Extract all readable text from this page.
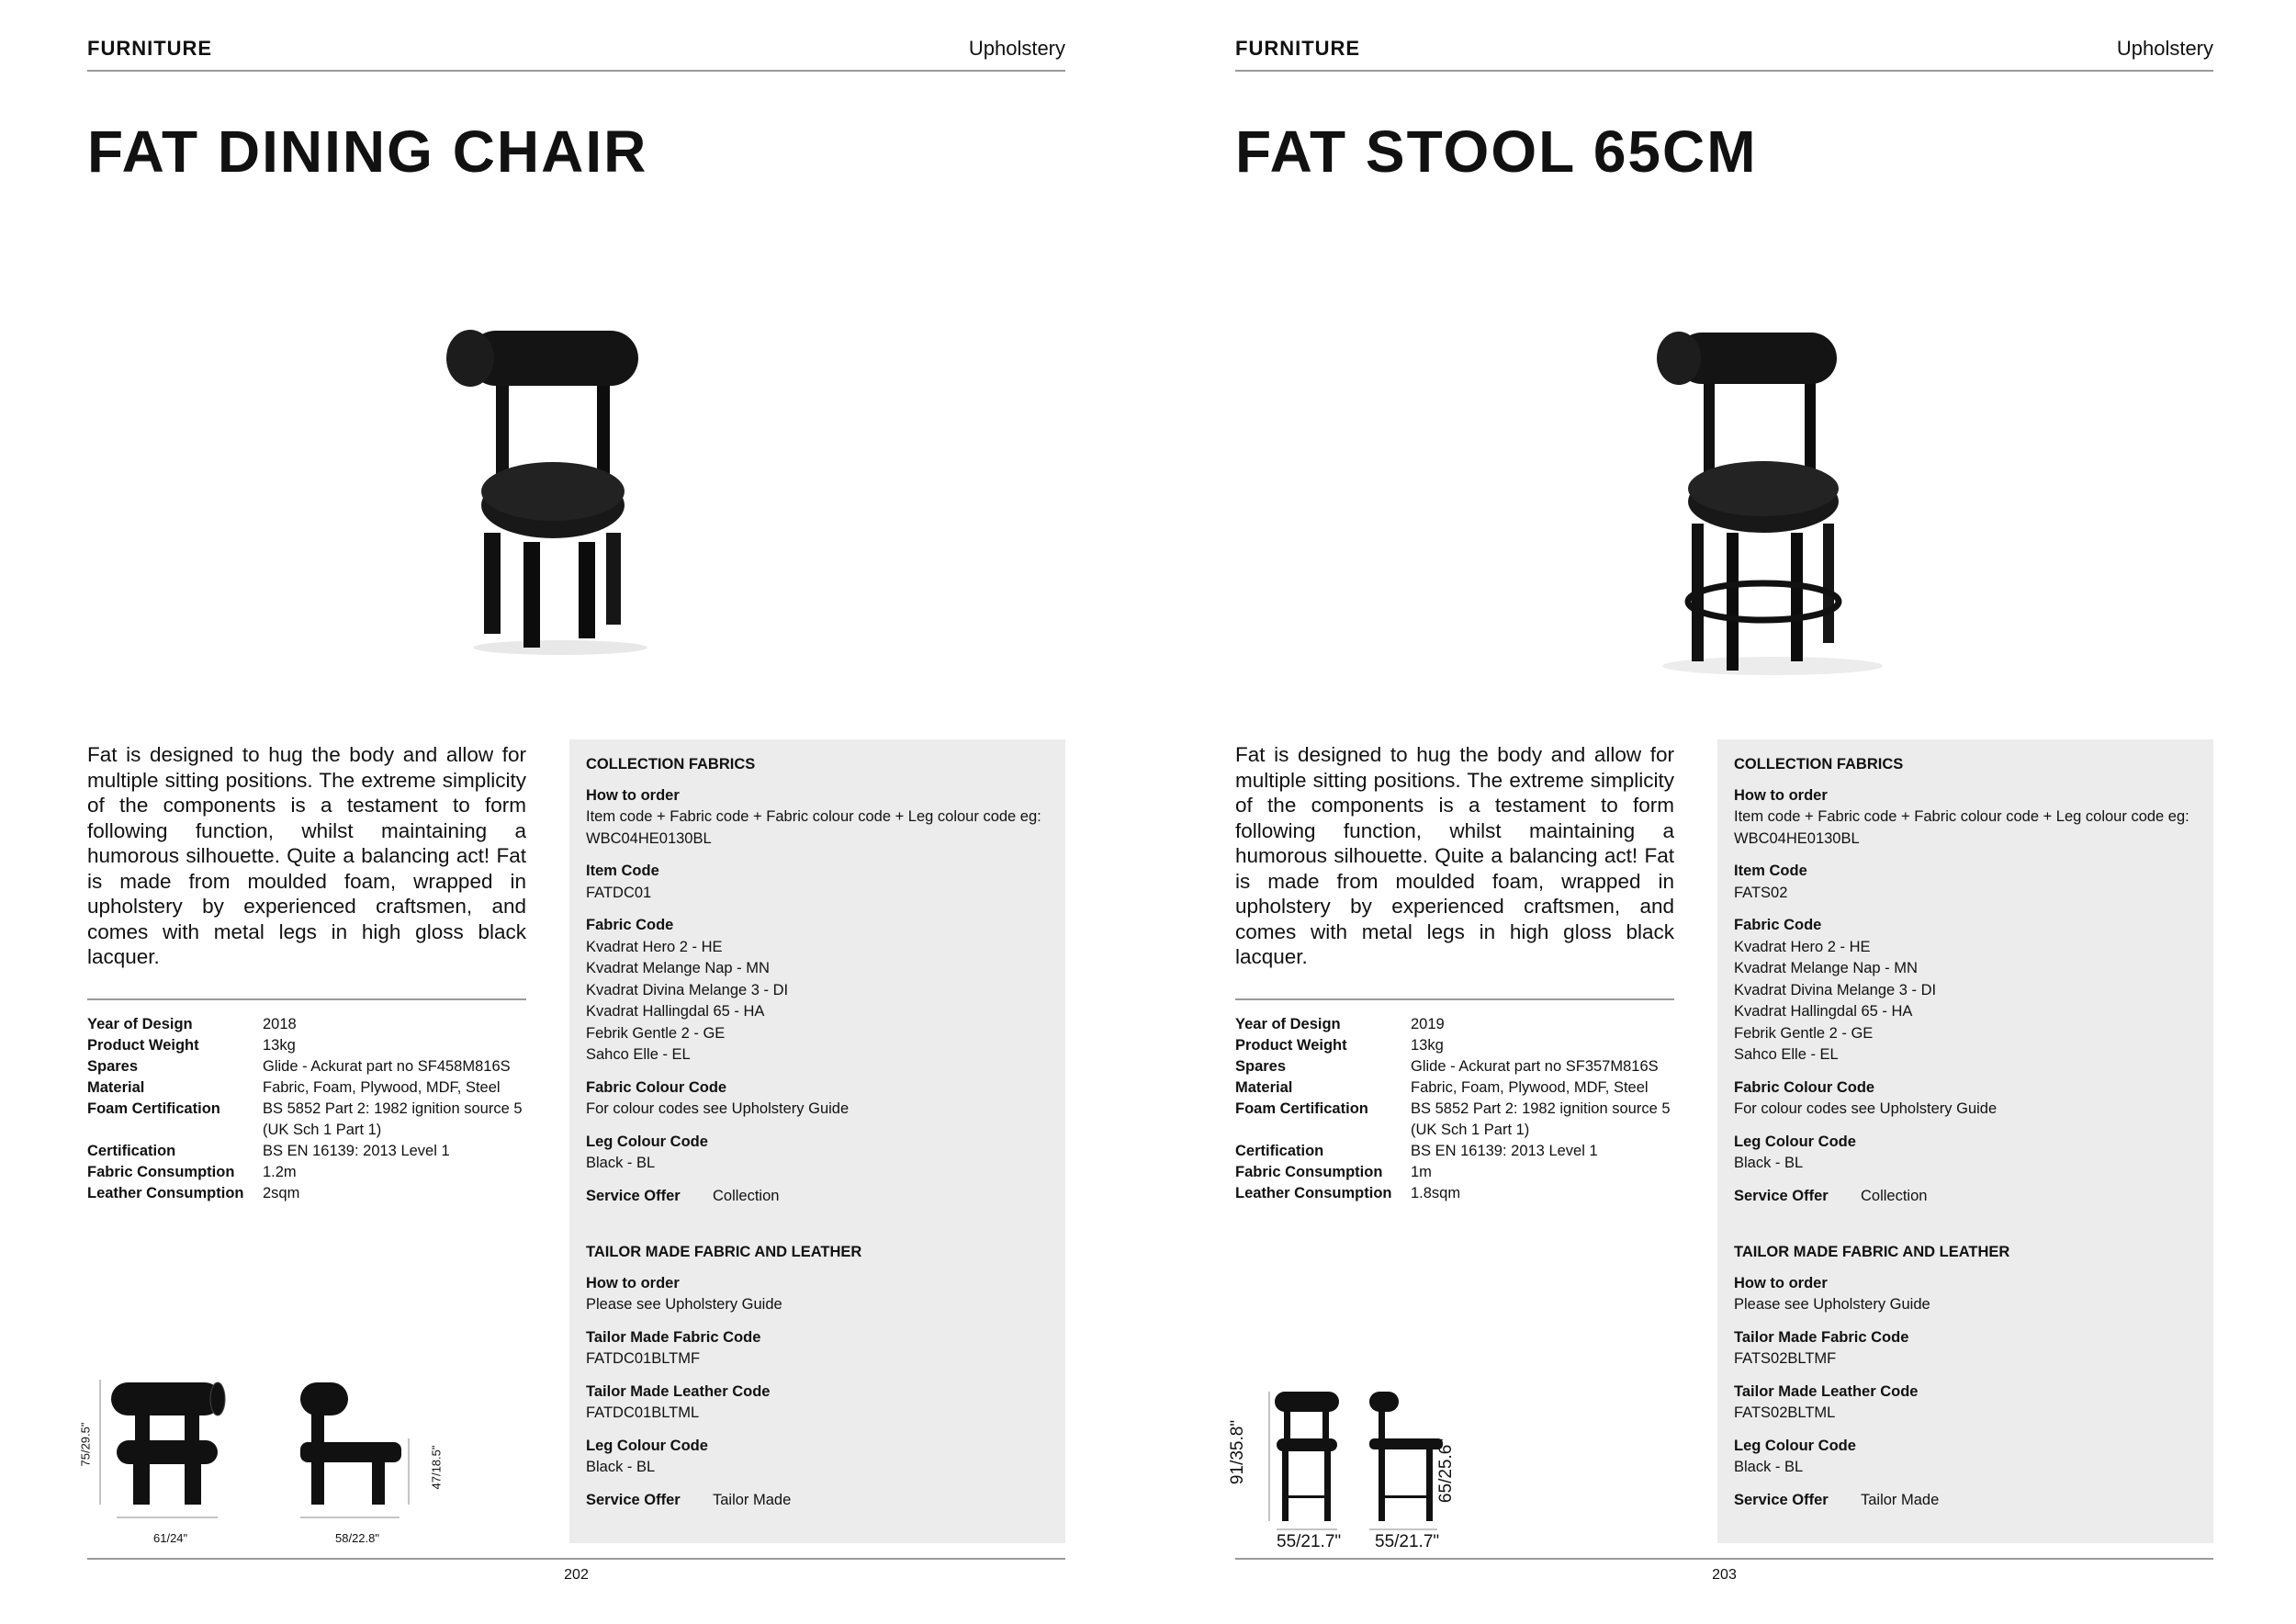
FURNITURE	Upholstery
FAT DINING CHAIR

Fat is designed to hug the body and allow for multiple sitting positions. The extreme simplicity of the components is a testament to form following function, whilst maintaining a humorous silhouette. Quite a balancing act! Fat is made from moulded foam, wrapped in upholstery by experienced craftsmen, and comes with metal legs in high gloss black lacquer.

Year of Design	2018
Product Weight	13kg
Spares	Glide - Ackurat part no SF458M816S
Material	Fabric, Foam, Plywood, MDF, Steel
Foam Certification	BS 5852 Part 2: 1982 ignition source 5 (UK Sch 1 Part 1)
Certification	BS EN 16139: 2013 Level 1
Fabric Consumption	1.2m
Leather Consumption	2sqm
75/29.5"
61/24"
47/18.5"
58/22.8"
COLLECTION FABRICS
How to order
Item code + Fabric code + Fabric colour code + Leg colour code eg: WBC04HE0130BL
Item Code
FATDC01
Fabric Code
Kvadrat Hero 2 - HE
Kvadrat Melange Nap - MN
Kvadrat Divina Melange 3 - DI
Kvadrat Hallingdal 65 - HA
Febrik Gentle 2 - GE
Sahco Elle - EL
Fabric Colour Code
For colour codes see Upholstery Guide
Leg Colour Code
Black - BL
Service Offer	Collection
TAILOR MADE FABRIC AND LEATHER
How to order
Please see Upholstery Guide
Tailor Made Fabric Code
FATDC01BLTMF
Tailor Made Leather Code
FATDC01BLTML
Leg Colour Code
Black - BL
Service Offer	Tailor Made
202
FURNITURE	Upholstery
FAT STOOL 65CM

Fat is designed to hug the body and allow for multiple sitting positions. The extreme simplicity of the components is a testament to form following function, whilst maintaining a humorous silhouette. Quite a balancing act! Fat is made from moulded foam, wrapped in upholstery by experienced craftsmen, and comes with metal legs in high gloss black lacquer.

Year of Design	2019
Product Weight	13kg
Spares	Glide - Ackurat part no SF357M816S
Material	Fabric, Foam, Plywood, MDF, Steel
Foam Certification	BS 5852 Part 2: 1982 ignition source 5 (UK Sch 1 Part 1)
Certification	BS EN 16139: 2013 Level 1
Fabric Consumption	1m
Leather Consumption	1.8sqm
91/35.8"
55/21.7"
65/25.6"
55/21.7"
COLLECTION FABRICS
How to order
Item code + Fabric code + Fabric colour code + Leg colour code eg: WBC04HE0130BL
Item Code
FATS02
Fabric Code
Kvadrat Hero 2 - HE
Kvadrat Melange Nap - MN
Kvadrat Divina Melange 3 - DI
Kvadrat Hallingdal 65 - HA
Febrik Gentle 2 - GE
Sahco Elle - EL
Fabric Colour Code
For colour codes see Upholstery Guide
Leg Colour Code
Black - BL
Service Offer	Collection
TAILOR MADE FABRIC AND LEATHER
How to order
Please see Upholstery Guide
Tailor Made Fabric Code
FATS02BLTMF
Tailor Made Leather Code
FATS02BLTML
Leg Colour Code
Black - BL
Service Offer	Tailor Made
203
